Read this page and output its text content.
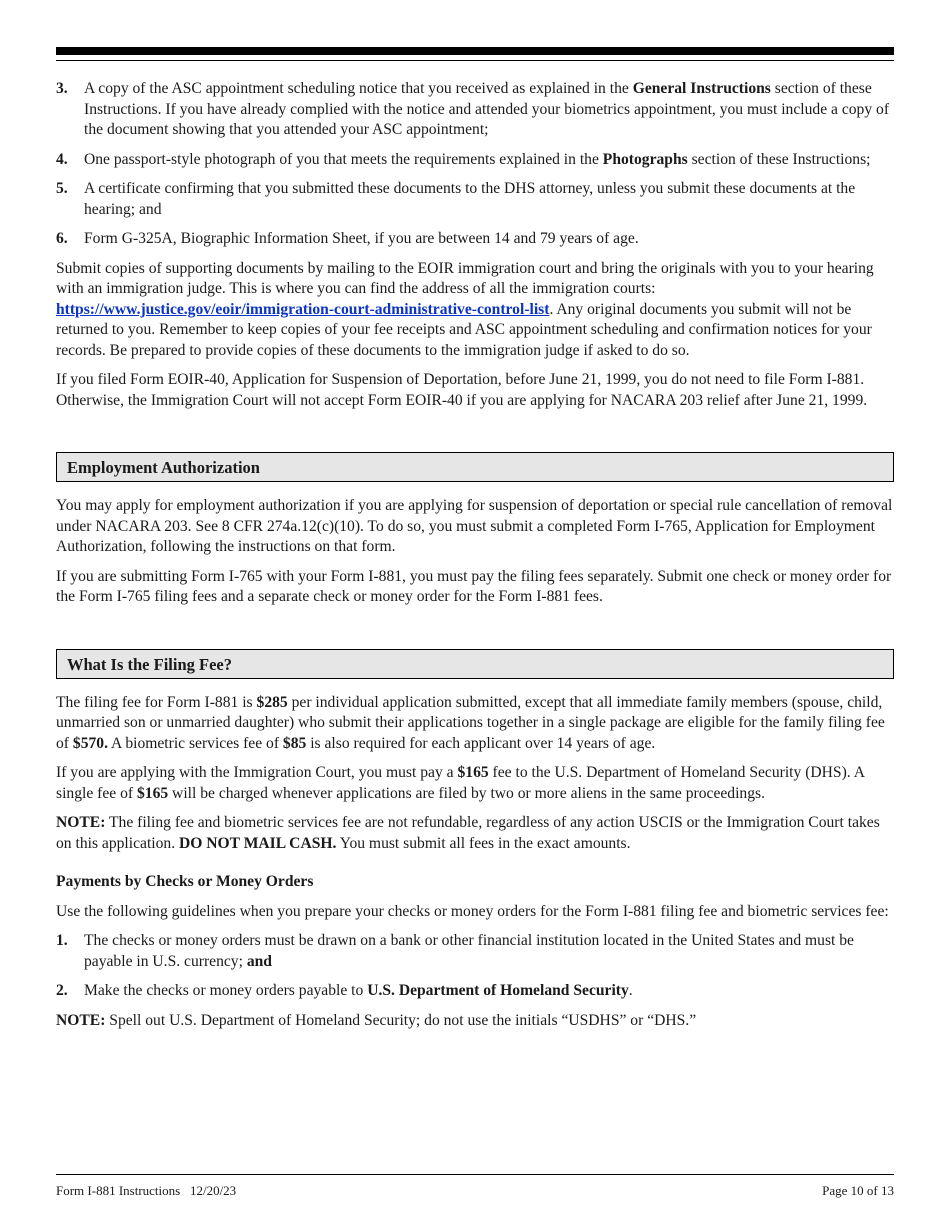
3.	A copy of the ASC appointment scheduling notice that you received as explained in the General Instructions section of these Instructions. If you have already complied with the notice and attended your biometrics appointment, you must include a copy of the document showing that you attended your ASC appointment;

4.	One passport-style photograph of you that meets the requirements explained in the Photographs section of these Instructions;

5.	A certificate confirming that you submitted these documents to the DHS attorney, unless you submit these documents at the hearing; and

6.	Form G-325A, Biographic Information Sheet, if you are between 14 and 79 years of age.

Submit copies of supporting documents by mailing to the EOIR immigration court and bring the originals with you to your hearing with an immigration judge. This is where you can find the address of all the immigration courts: https://www.justice.gov/eoir/immigration-court-administrative-control-list. Any original documents you submit will not be returned to you. Remember to keep copies of your fee receipts and ASC appointment scheduling and confirmation notices for your records. Be prepared to provide copies of these documents to the immigration judge if asked to do so.

If you filed Form EOIR-40, Application for Suspension of Deportation, before June 21, 1999, you do not need to file Form I-881. Otherwise, the Immigration Court will not accept Form EOIR-40 if you are applying for NACARA 203 relief after June 21, 1999.

Employment Authorization

You may apply for employment authorization if you are applying for suspension of deportation or special rule cancellation of removal under NACARA 203. See 8 CFR 274a.12(c)(10). To do so, you must submit a completed Form I-765, Application for Employment Authorization, following the instructions on that form.

If you are submitting Form I-765 with your Form I-881, you must pay the filing fees separately. Submit one check or money order for the Form I-765 filing fees and a separate check or money order for the Form I-881 fees.

What Is the Filing Fee?

The filing fee for Form I-881 is $285 per individual application submitted, except that all immediate family members (spouse, child, unmarried son or unmarried daughter) who submit their applications together in a single package are eligible for the family filing fee of $570. A biometric services fee of $85 is also required for each applicant over 14 years of age.

If you are applying with the Immigration Court, you must pay a $165 fee to the U.S. Department of Homeland Security (DHS). A single fee of $165 will be charged whenever applications are filed by two or more aliens in the same proceedings.

NOTE: The filing fee and biometric services fee are not refundable, regardless of any action USCIS or the Immigration Court takes on this application. DO NOT MAIL CASH. You must submit all fees in the exact amounts.

Payments by Checks or Money Orders

Use the following guidelines when you prepare your checks or money orders for the Form I-881 filing fee and biometric services fee:

1.	The checks or money orders must be drawn on a bank or other financial institution located in the United States and must be payable in U.S. currency; and

2.	Make the checks or money orders payable to U.S. Department of Homeland Security.

NOTE: Spell out U.S. Department of Homeland Security; do not use the initials “USDHS” or “DHS.”

Form I-881 Instructions   12/20/23	Page 10 of 13
